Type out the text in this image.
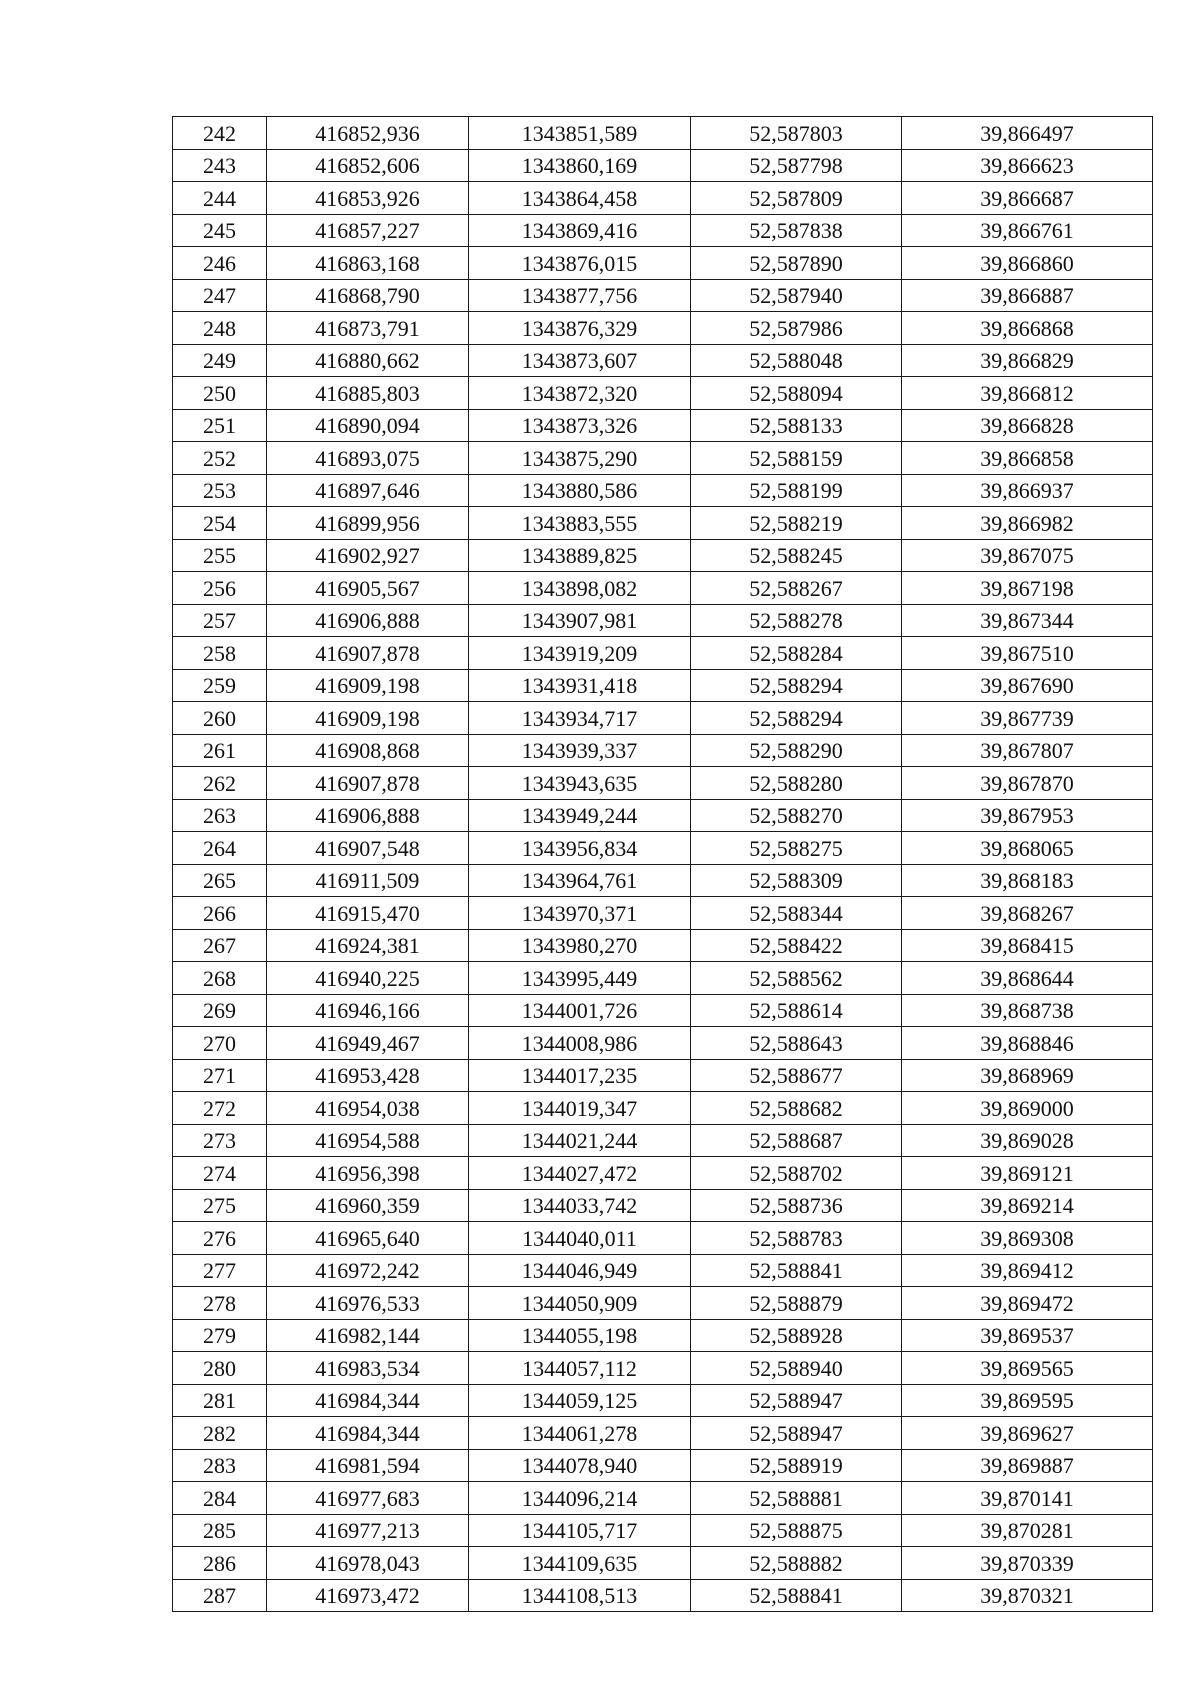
242	416852,936	1343851,589	52,587803	39,866497
243	416852,606	1343860,169	52,587798	39,866623
244	416853,926	1343864,458	52,587809	39,866687
245	416857,227	1343869,416	52,587838	39,866761
246	416863,168	1343876,015	52,587890	39,866860
247	416868,790	1343877,756	52,587940	39,866887
248	416873,791	1343876,329	52,587986	39,866868
249	416880,662	1343873,607	52,588048	39,866829
250	416885,803	1343872,320	52,588094	39,866812
251	416890,094	1343873,326	52,588133	39,866828
252	416893,075	1343875,290	52,588159	39,866858
253	416897,646	1343880,586	52,588199	39,866937
254	416899,956	1343883,555	52,588219	39,866982
255	416902,927	1343889,825	52,588245	39,867075
256	416905,567	1343898,082	52,588267	39,867198
257	416906,888	1343907,981	52,588278	39,867344
258	416907,878	1343919,209	52,588284	39,867510
259	416909,198	1343931,418	52,588294	39,867690
260	416909,198	1343934,717	52,588294	39,867739
261	416908,868	1343939,337	52,588290	39,867807
262	416907,878	1343943,635	52,588280	39,867870
263	416906,888	1343949,244	52,588270	39,867953
264	416907,548	1343956,834	52,588275	39,868065
265	416911,509	1343964,761	52,588309	39,868183
266	416915,470	1343970,371	52,588344	39,868267
267	416924,381	1343980,270	52,588422	39,868415
268	416940,225	1343995,449	52,588562	39,868644
269	416946,166	1344001,726	52,588614	39,868738
270	416949,467	1344008,986	52,588643	39,868846
271	416953,428	1344017,235	52,588677	39,868969
272	416954,038	1344019,347	52,588682	39,869000
273	416954,588	1344021,244	52,588687	39,869028
274	416956,398	1344027,472	52,588702	39,869121
275	416960,359	1344033,742	52,588736	39,869214
276	416965,640	1344040,011	52,588783	39,869308
277	416972,242	1344046,949	52,588841	39,869412
278	416976,533	1344050,909	52,588879	39,869472
279	416982,144	1344055,198	52,588928	39,869537
280	416983,534	1344057,112	52,588940	39,869565
281	416984,344	1344059,125	52,588947	39,869595
282	416984,344	1344061,278	52,588947	39,869627
283	416981,594	1344078,940	52,588919	39,869887
284	416977,683	1344096,214	52,588881	39,870141
285	416977,213	1344105,717	52,588875	39,870281
286	416978,043	1344109,635	52,588882	39,870339
287	416973,472	1344108,513	52,588841	39,870321
